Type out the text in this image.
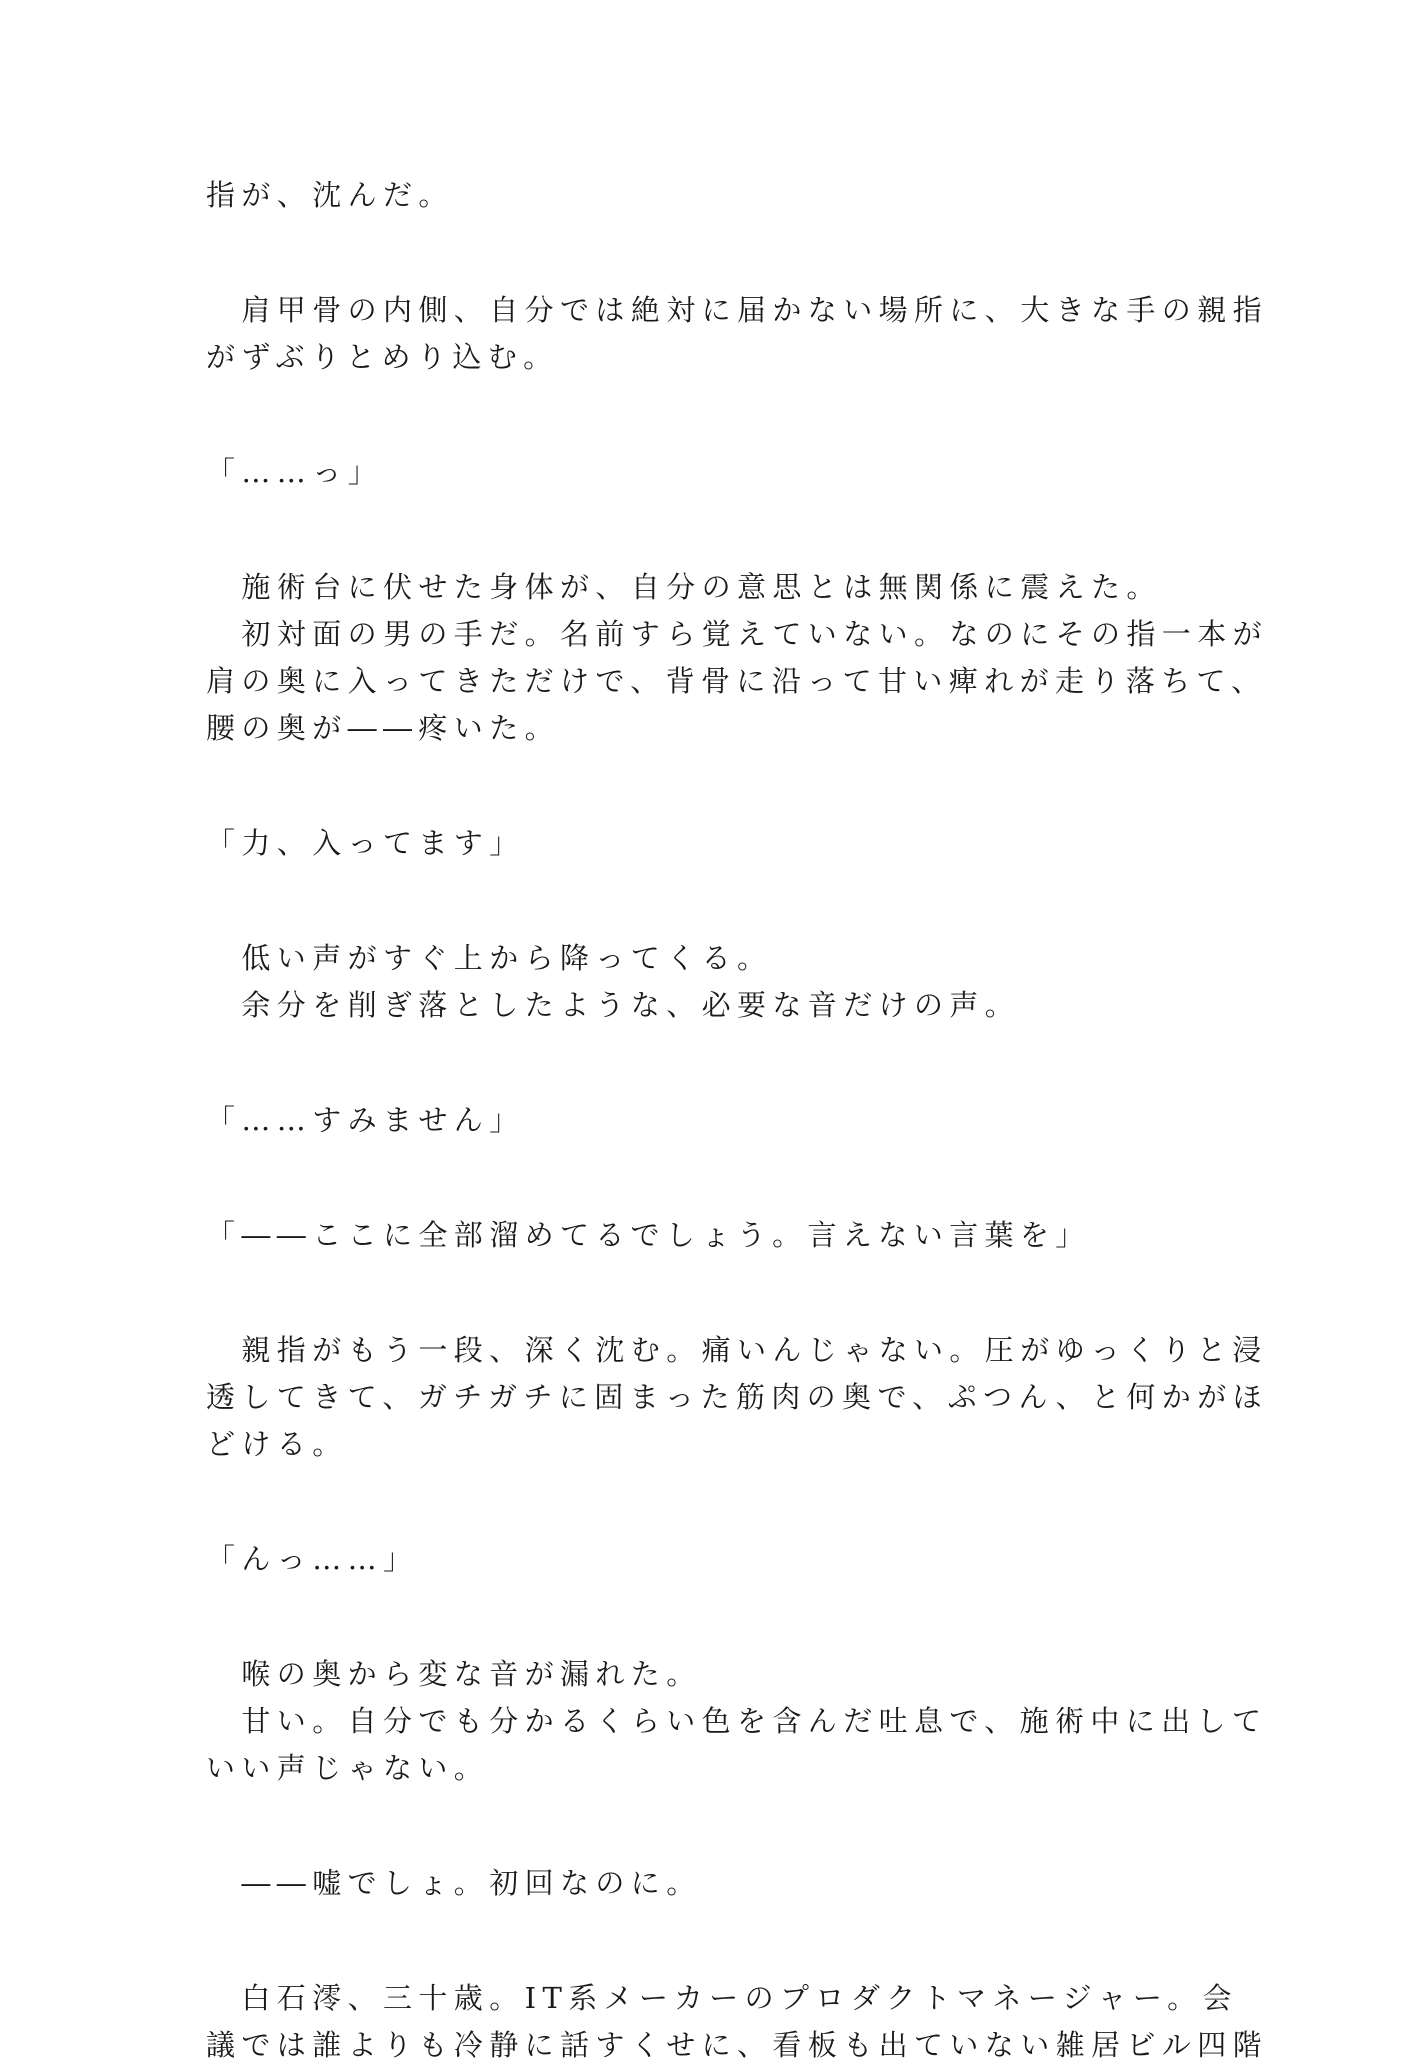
指が、沈んだ。
　肩甲骨の内側、自分では絶対に届かない場所に、大きな手の親指
がずぶりとめり込む。
「……っ」
　施術台に伏せた身体が、自分の意思とは無関係に震えた。
　初対面の男の手だ。名前すら覚えていない。なのにその指一本が
肩の奥に入ってきただけで、背骨に沿って甘い痺れが走り落ちて、
腰の奥が――疼いた。
「力、入ってます」
　低い声がすぐ上から降ってくる。
　余分を削ぎ落としたような、必要な音だけの声。
「……すみません」
「――ここに全部溜めてるでしょう。言えない言葉を」
　親指がもう一段、深く沈む。痛いんじゃない。圧がゆっくりと浸
透してきて、ガチガチに固まった筋肉の奥で、ぷつん、と何かがほ
どける。
「んっ……」
　喉の奥から変な音が漏れた。
　甘い。自分でも分かるくらい色を含んだ吐息で、施術中に出して
いい声じゃない。
　――嘘でしょ。初回なのに。
　白石澪、三十歳。IT系メーカーのプロダクトマネージャー。会
議では誰よりも冷静に話すくせに、看板も出ていない雑居ビル四階
